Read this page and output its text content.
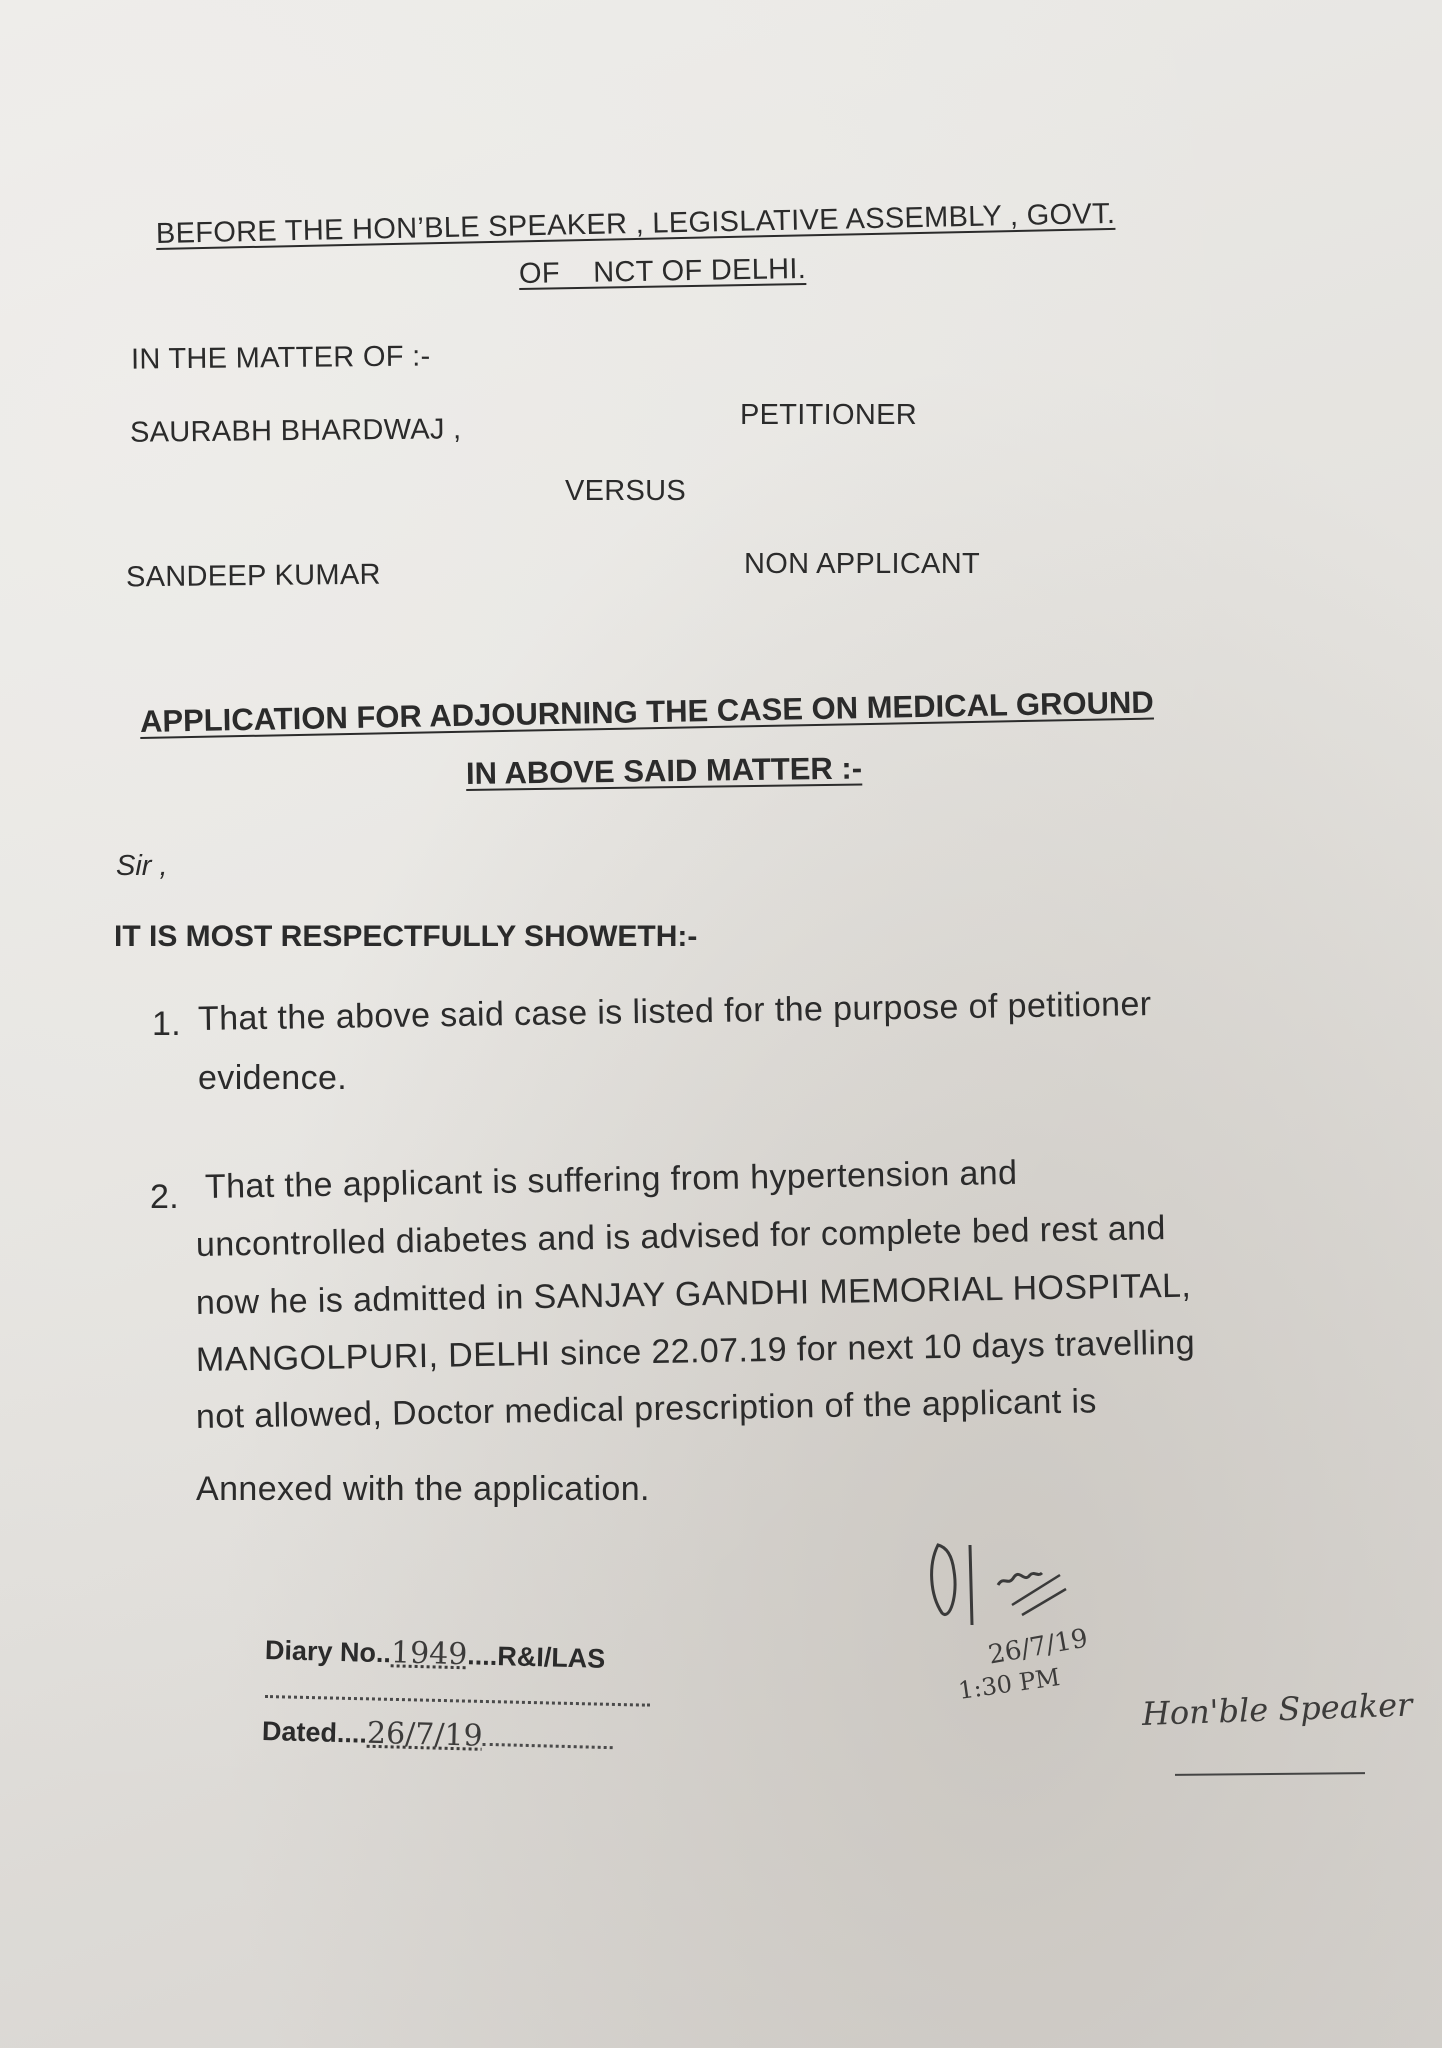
BEFORE THE HON’BLE SPEAKER , LEGISLATIVE ASSEMBLY , GOVT.
OF    NCT OF DELHI.
IN THE MATTER OF :-
SAURABH BHARDWAJ ,	PETITIONER
VERSUS
SANDEEP KUMAR	NON APPLICANT
APPLICATION FOR ADJOURNING THE CASE ON MEDICAL GROUND
IN ABOVE SAID MATTER :-
Sir ,
IT IS MOST RESPECTFULLY SHOWETH:-
1. That the above said case is listed for the purpose of petitioner
evidence.
2. That the applicant is suffering from hypertension and
uncontrolled diabetes and is advised for complete bed rest and
now he is admitted in SANJAY GANDHI MEMORIAL HOSPITAL,
MANGOLPURI, DELHI since 22.07.19 for next 10 days travelling
not allowed, Doctor medical prescription of the applicant is
Annexed with the application.
Diary No..1949....R&I/LAS
Dated....26/7/19
26/7/19
1:30 PM
Hon'ble Speaker
